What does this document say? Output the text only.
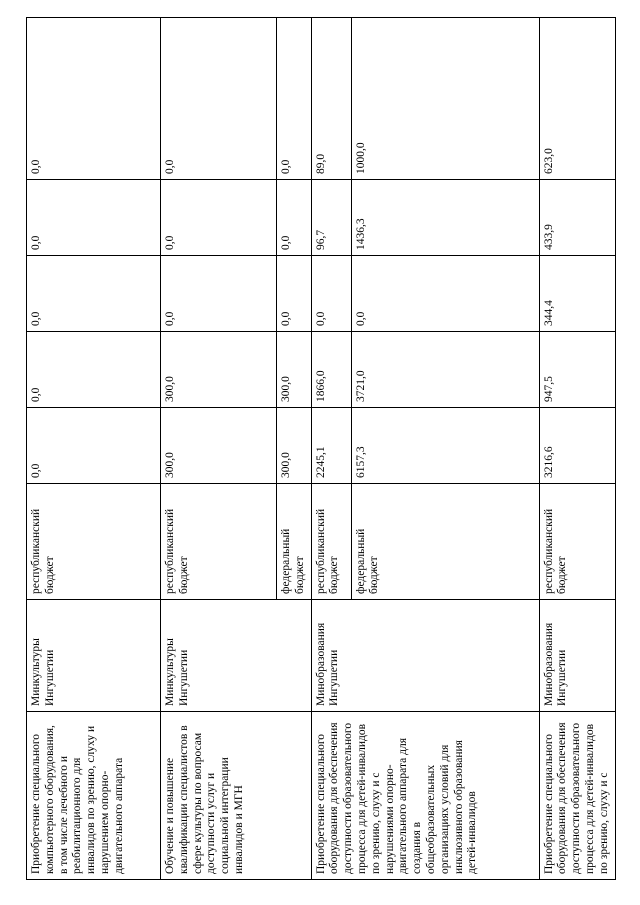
Приобретение специального компьютерного оборудования, в том числе лечебного и реабилитационного для инвалидов по зрению, слуху и нарушением опорно-двигательного аппарата	Минкультуры Ингушетии	республиканский бюджет	0,0	0,0	0,0	0,0	0,0
Обучение и повышение квалификации специалистов в сфере культуры по вопросам доступности услуг и социальной интеграции инвалидов и МГН	Минкультуры Ингушетии	республиканский бюджет	300,0	300,0	0,0	0,0	0,0
		федеральный бюджет	300,0	300,0	0,0	0,0	0,0
Приобретение специального оборудования для обеспечения доступности образовательного процесса для детей-инвалидов по зрению, слуху и с нарушениями опорно-двигательного аппарата для создания в общеобразовательных организациях условий для инклюзивного образования детей-инвалидов	Минобразования Ингушетии	республиканский бюджет	2245,1	1866,0	0,0	96,7	89,0
		федеральный бюджет	6157,3	3721,0	0,0	1436,3	1000,0
Приобретение специального оборудования для обеспечения доступности образовательного процесса для детей-инвалидов по зрению, слуху и с	Минобразования Ингушетии	республиканский бюджет	3216,6	947,5	344,4	433,9	623,0
